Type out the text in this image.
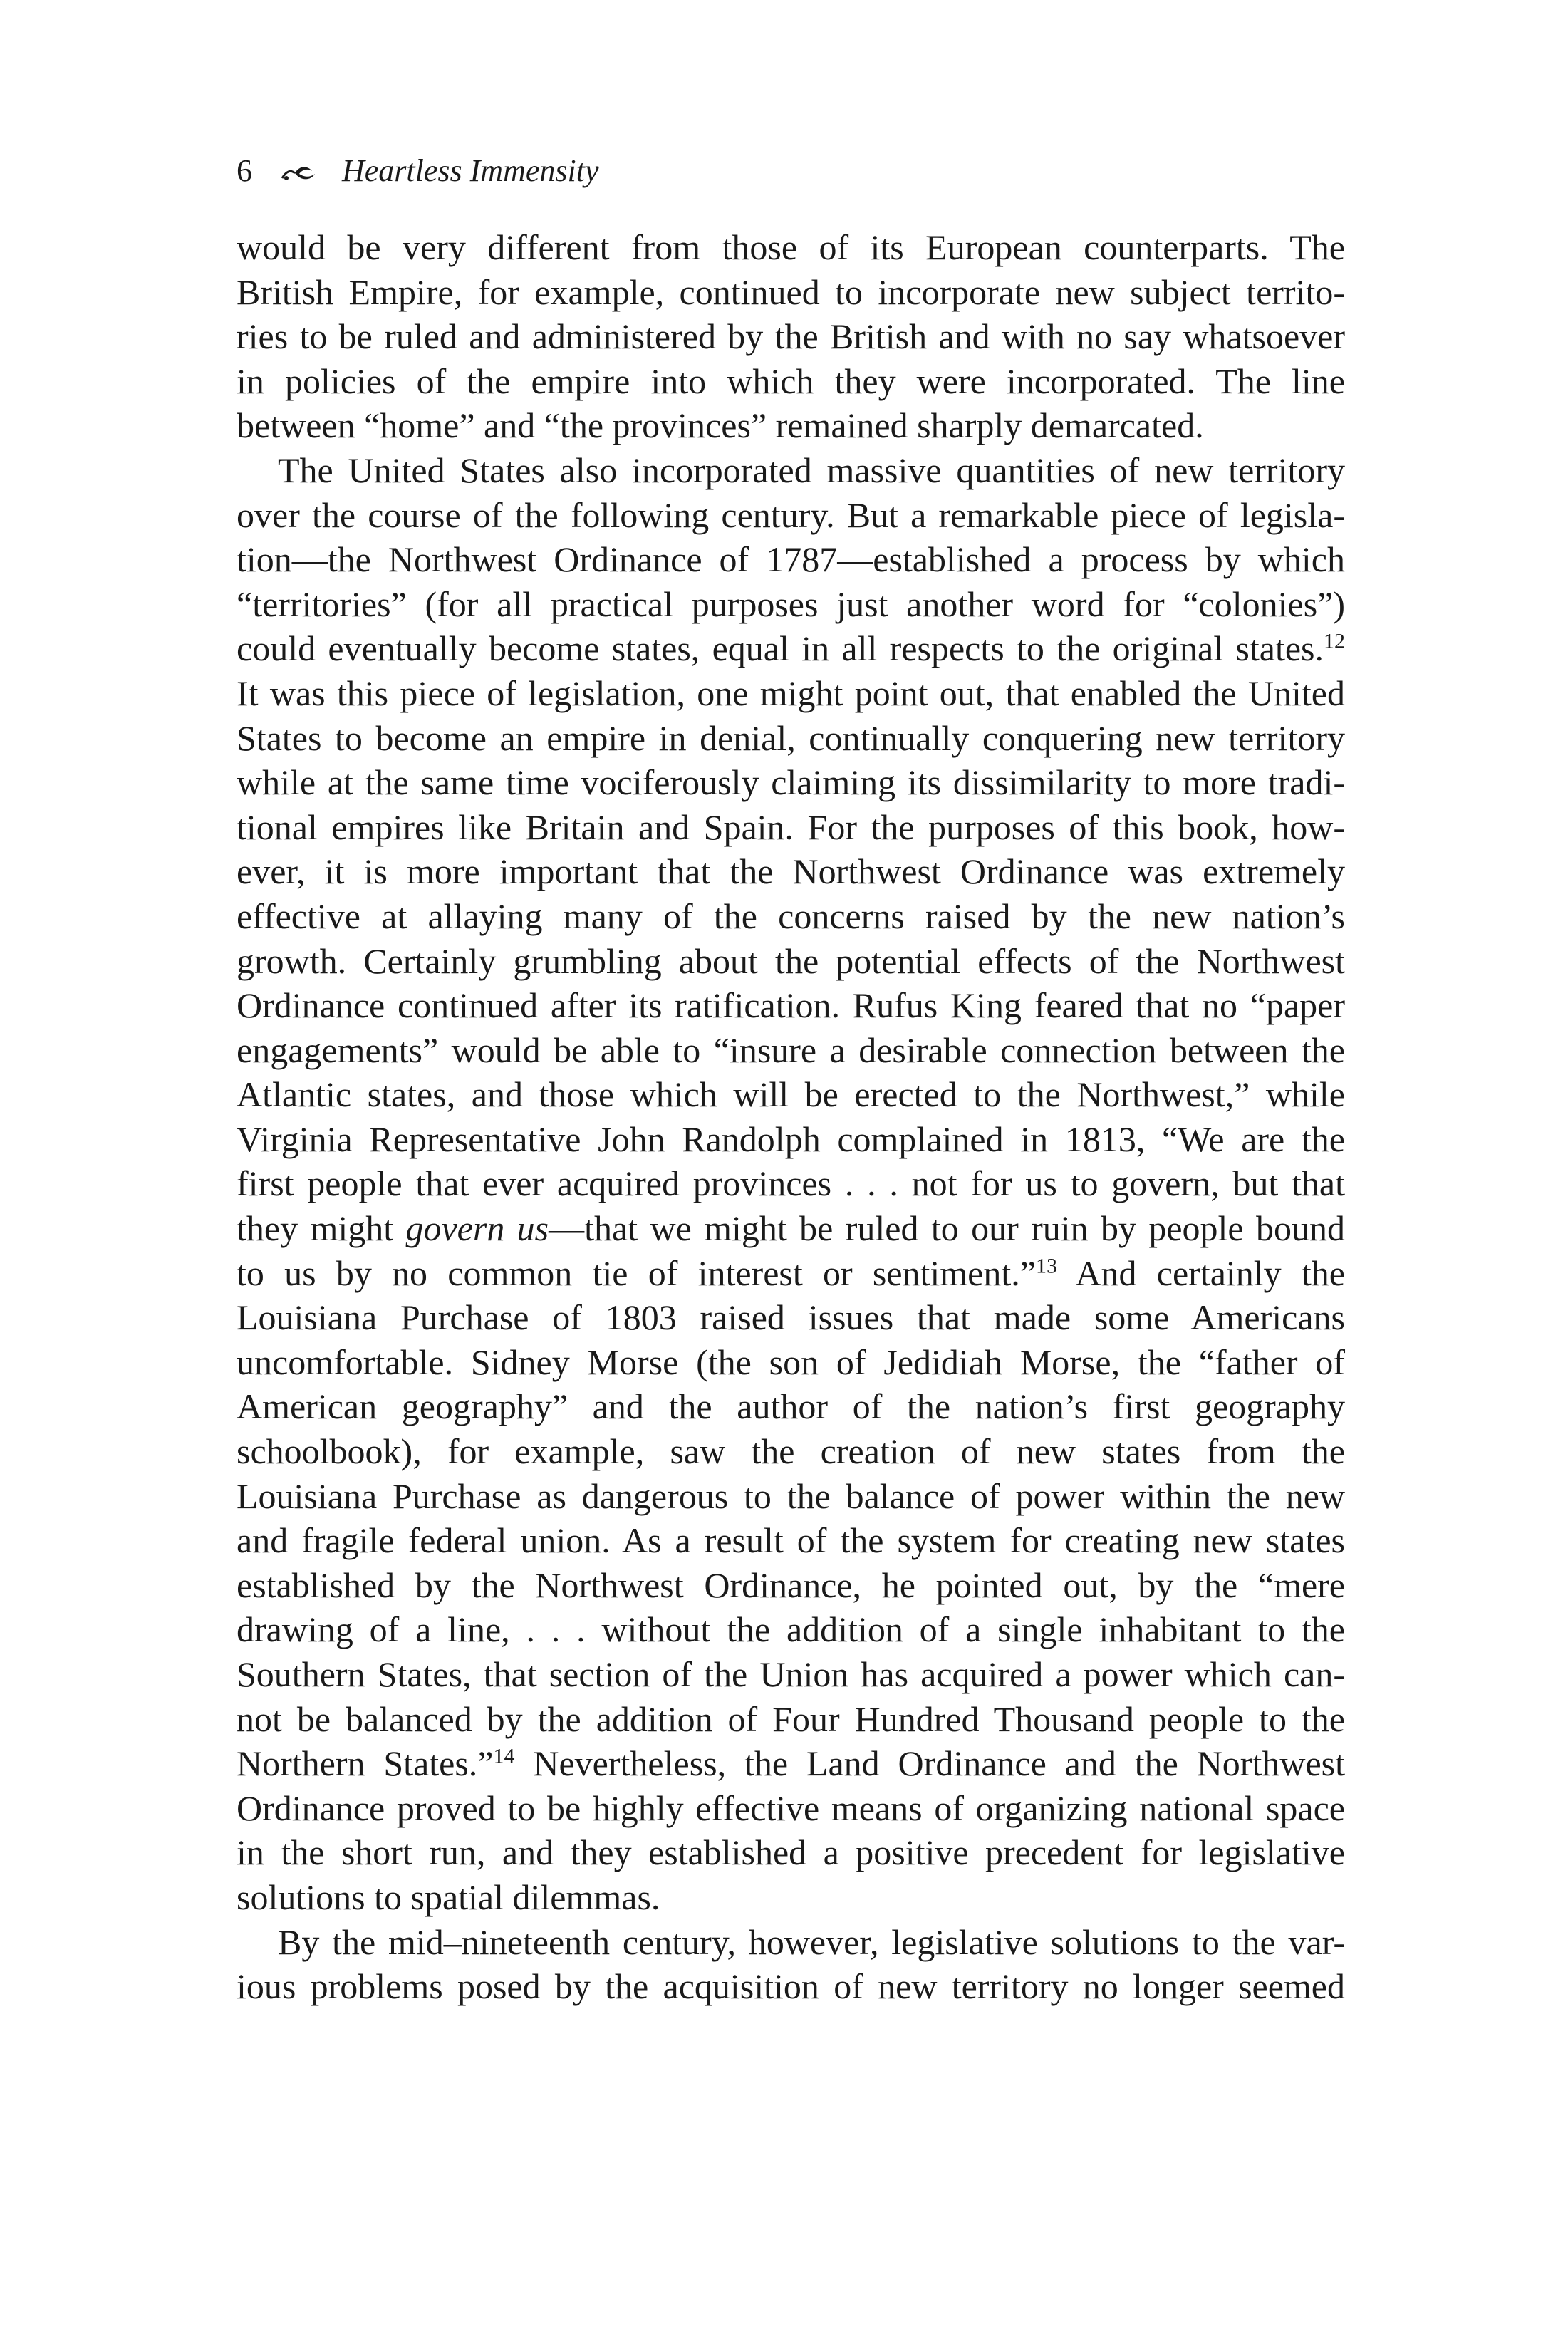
6	Heartless Immensity
would be very different from those of its European counterparts. The
British Empire, for example, continued to incorporate new subject territo-
ries to be ruled and administered by the British and with no say whatsoever
in policies of the empire into which they were incorporated. The line
between “home” and “the provinces” remained sharply demarcated.
The United States also incorporated massive quantities of new territory
over the course of the following century. But a remarkable piece of legisla-
tion—the Northwest Ordinance of 1787—established a process by which
“territories” (for all practical purposes just another word for “colonies”)
could eventually become states, equal in all respects to the original states.$^{12}$
It was this piece of legislation, one might point out, that enabled the United
States to become an empire in denial, continually conquering new territory
while at the same time vociferously claiming its dissimilarity to more tradi-
tional empires like Britain and Spain. For the purposes of this book, how-
ever, it is more important that the Northwest Ordinance was extremely
effective at allaying many of the concerns raised by the new nation’s
growth. Certainly grumbling about the potential effects of the Northwest
Ordinance continued after its ratification. Rufus King feared that no “paper
engagements” would be able to “insure a desirable connection between the
Atlantic states, and those which will be erected to the Northwest,” while
Virginia Representative John Randolph complained in 1813, “We are the
first people that ever acquired provinces . . . not for us to govern, but that
they might govern us—that we might be ruled to our ruin by people bound
to us by no common tie of interest or sentiment.”$^{13}$ And certainly the
Louisiana Purchase of 1803 raised issues that made some Americans
uncomfortable. Sidney Morse (the son of Jedidiah Morse, the “father of
American geography” and the author of the nation’s first geography
schoolbook), for example, saw the creation of new states from the
Louisiana Purchase as dangerous to the balance of power within the new
and fragile federal union. As a result of the system for creating new states
established by the Northwest Ordinance, he pointed out, by the “mere
drawing of a line, . . . without the addition of a single inhabitant to the
Southern States, that section of the Union has acquired a power which can-
not be balanced by the addition of Four Hundred Thousand people to the
Northern States.”$^{14}$ Nevertheless, the Land Ordinance and the Northwest
Ordinance proved to be highly effective means of organizing national space
in the short run, and they established a positive precedent for legislative
solutions to spatial dilemmas.
By the mid–nineteenth century, however, legislative solutions to the var-
ious problems posed by the acquisition of new territory no longer seemed
